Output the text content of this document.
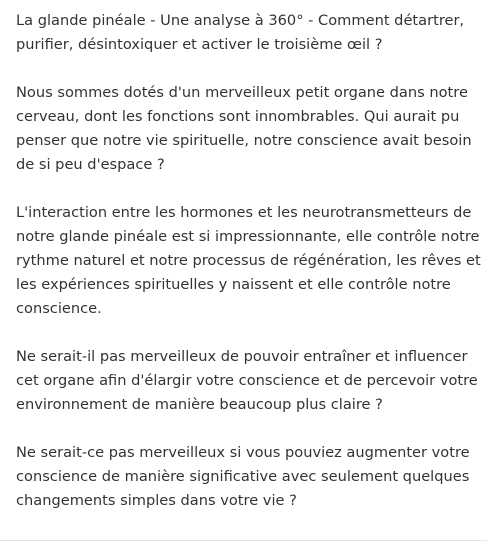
La glande pinéale - Une analyse à 360° - Comment détartrer, purifier, désintoxiquer et activer le troisième œil ?

Nous sommes dotés d'un merveilleux petit organe dans notre cerveau, dont les fonctions sont innombrables. Qui aurait pu penser que notre vie spirituelle, notre conscience avait besoin de si peu d'espace ?

L'interaction entre les hormones et les neurotransmetteurs de notre glande pinéale est si impressionnante, elle contrôle notre rythme naturel et notre processus de régénération, les rêves et les expériences spirituelles y naissent et elle contrôle notre conscience.

Ne serait-il pas merveilleux de pouvoir entraîner et influencer cet organe afin d'élargir votre conscience et de percevoir votre environnement de manière beaucoup plus claire ?

Ne serait-ce pas merveilleux si vous pouviez augmenter votre conscience de manière significative avec seulement quelques changements simples dans votre vie ?
